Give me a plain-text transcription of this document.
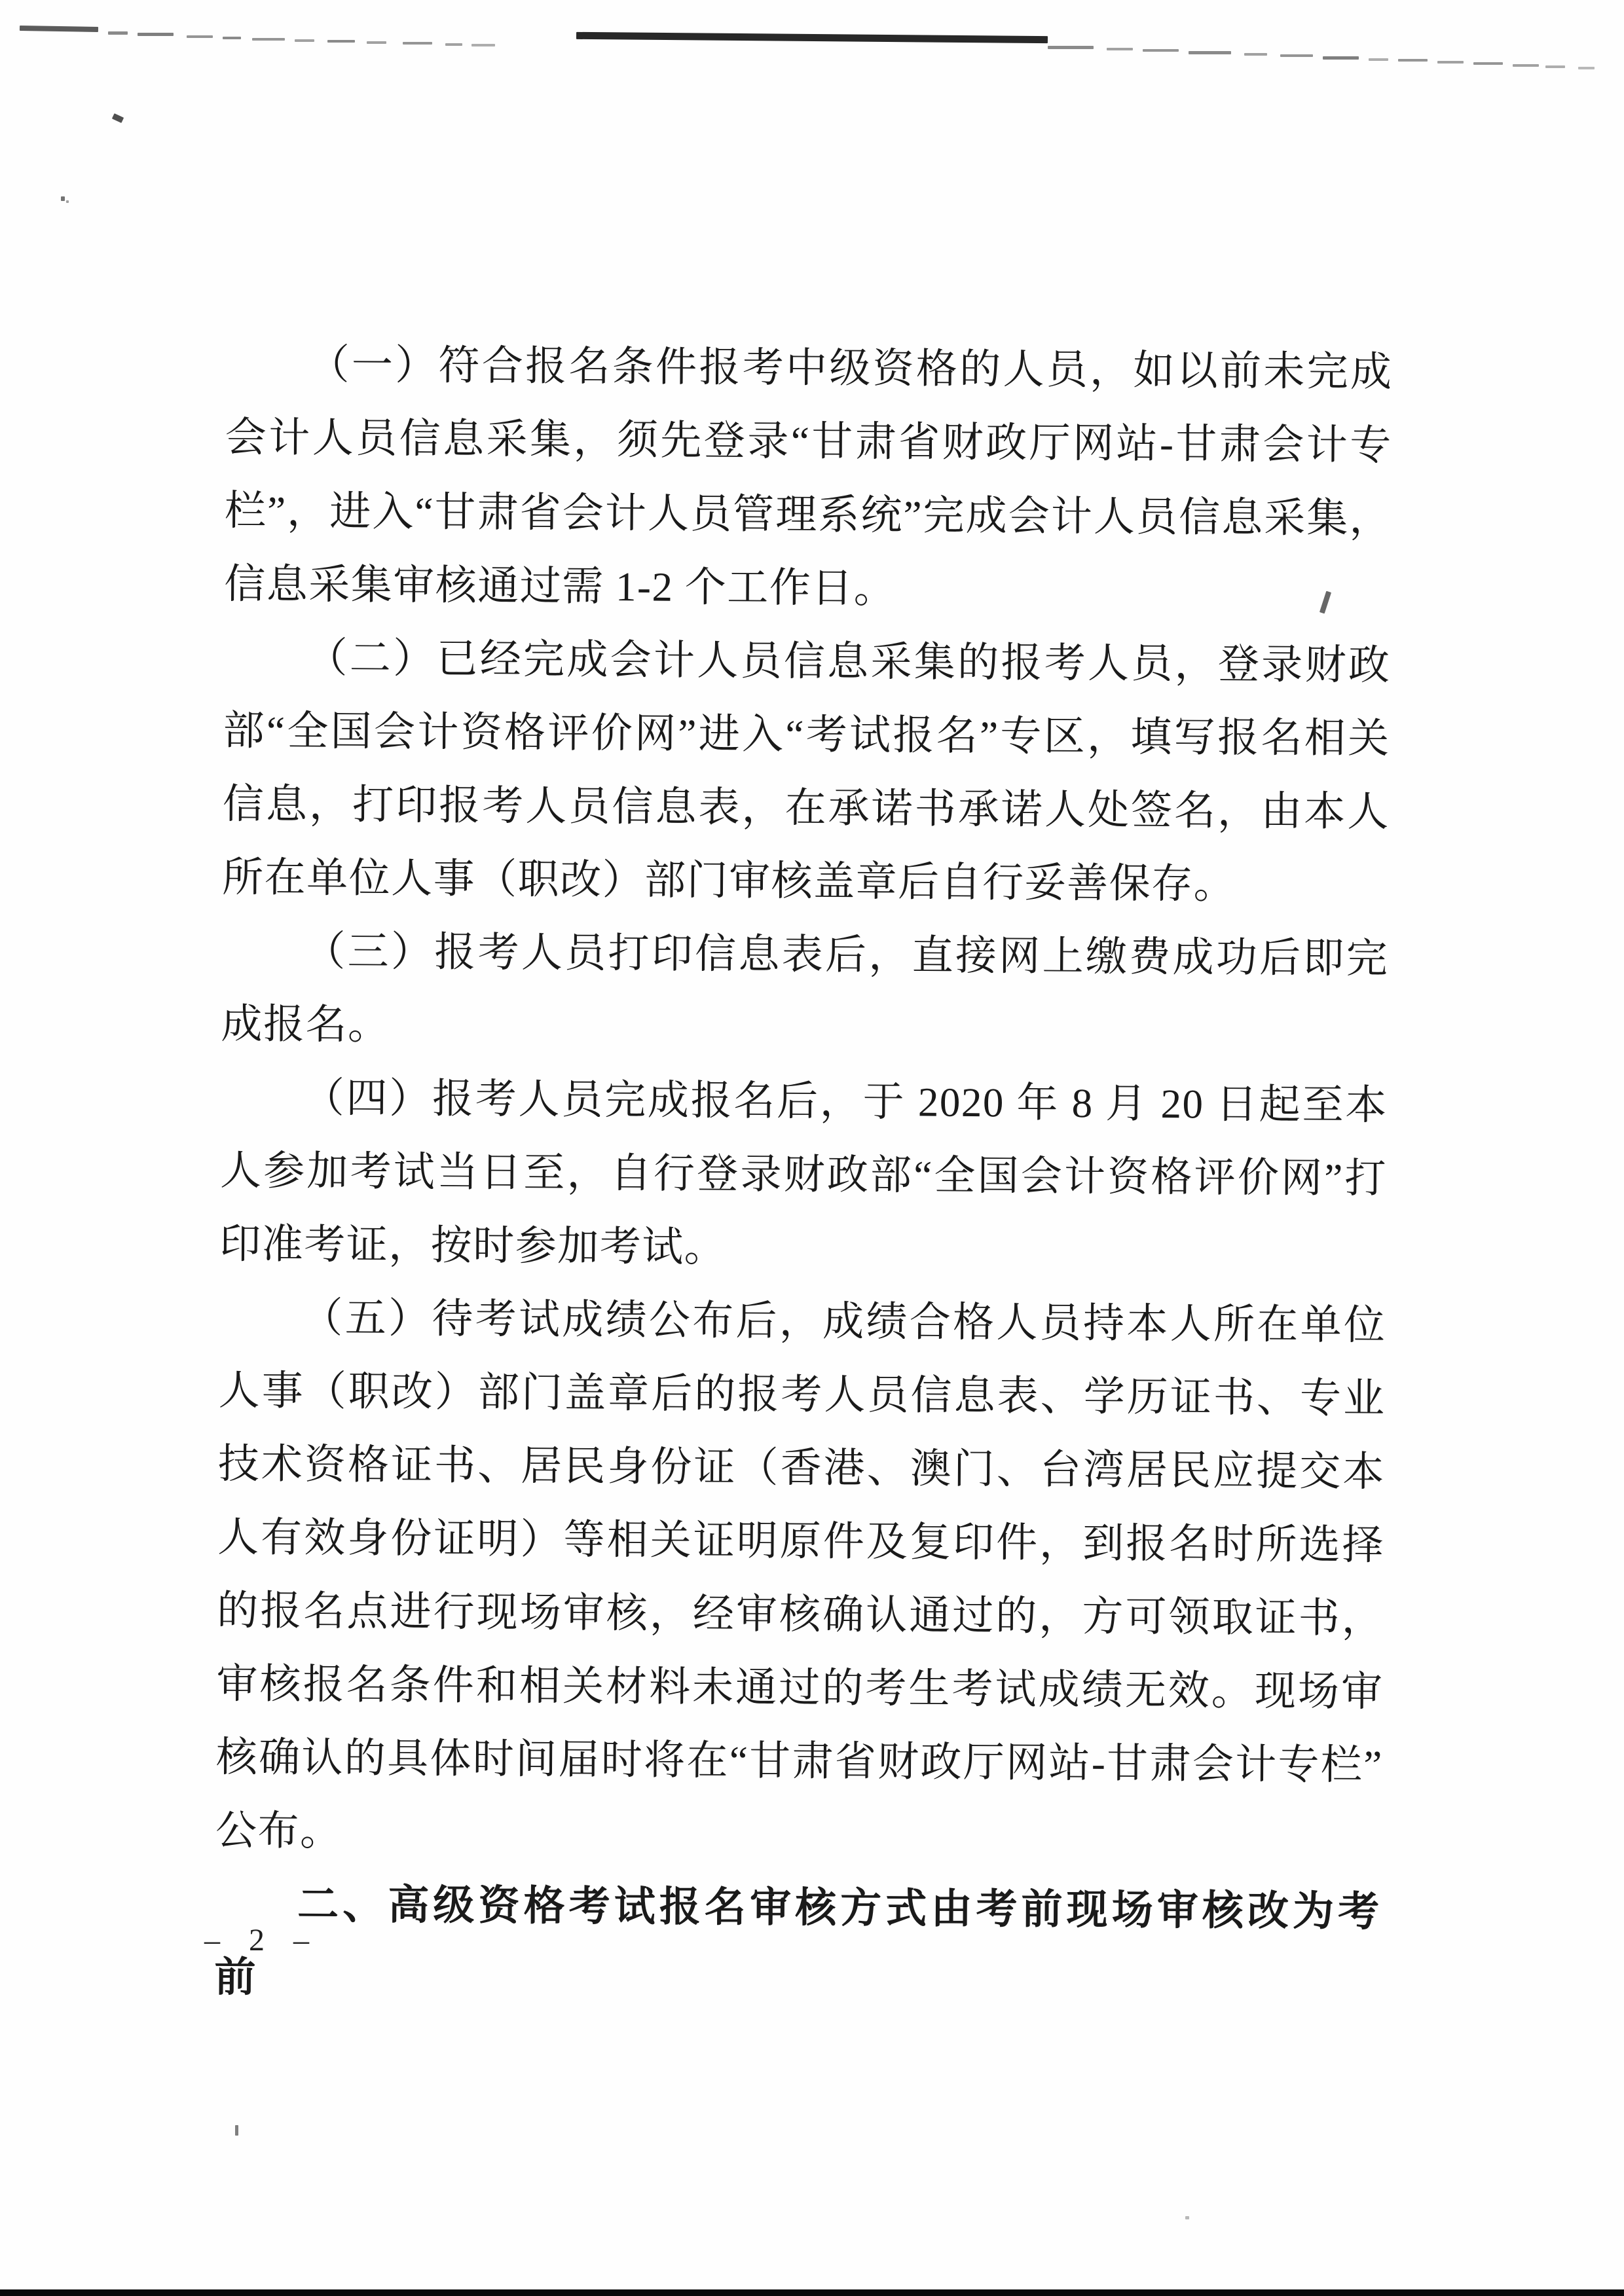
（一）符合报名条件报考中级资格的人员，如以前未完成会计人员信息采集，须先登录“甘肃省财政厅网站-甘肃会计专栏”，进入“甘肃省会计人员管理系统”完成会计人员信息采集，信息采集审核通过需 1-2 个工作日。

（二）已经完成会计人员信息采集的报考人员，登录财政部“全国会计资格评价网”进入“考试报名”专区，填写报名相关信息，打印报考人员信息表，在承诺书承诺人处签名，由本人所在单位人事（职改）部门审核盖章后自行妥善保存。

（三）报考人员打印信息表后，直接网上缴费成功后即完成报名。

（四）报考人员完成报名后，于 2020 年 8 月 20 日起至本人参加考试当日至，自行登录财政部“全国会计资格评价网”打印准考证，按时参加考试。

（五）待考试成绩公布后，成绩合格人员持本人所在单位人事（职改）部门盖章后的报考人员信息表、学历证书、专业技术资格证书、居民身份证（香港、澳门、台湾居民应提交本人有效身份证明）等相关证明原件及复印件，到报名时所选择的报名点进行现场审核，经审核确认通过的，方可领取证书，审核报名条件和相关材料未通过的考生考试成绩无效。现场审核确认的具体时间届时将在“甘肃省财政厅网站-甘肃会计专栏”公布。

二、高级资格考试报名审核方式由考前现场审核改为考前

– 2 –
